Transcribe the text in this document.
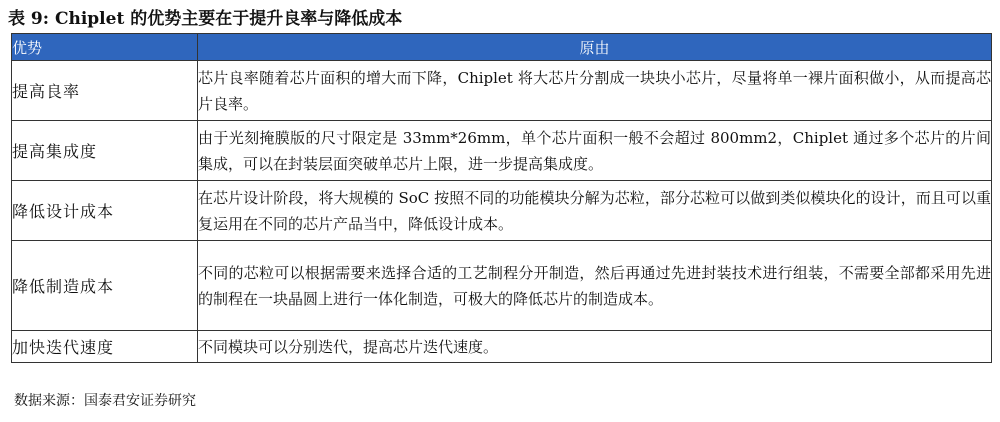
表 9: Chiplet 的优势主要在于提升良率与降低成本
优势	原由
提高良率	芯片良率随着芯片面积的增大而下降，Chiplet 将大芯片分割成一块块小芯片，尽量将单一裸片面积做小，从而提高芯片良率。
提高集成度	由于光刻掩膜版的尺寸限定是 33mm*26mm，单个芯片面积一般不会超过 800mm2，Chiplet 通过多个芯片的片间集成，可以在封装层面突破单芯片上限，进一步提高集成度。
降低设计成本	在芯片设计阶段，将大规模的 SoC 按照不同的功能模块分解为芯粒，部分芯粒可以做到类似模块化的设计，而且可以重复运用在不同的芯片产品当中，降低设计成本。
降低制造成本	不同的芯粒可以根据需要来选择合适的工艺制程分开制造，然后再通过先进封装技术进行组装，不需要全部都采用先进的制程在一块晶圆上进行一体化制造，可极大的降低芯片的制造成本。
加快迭代速度	不同模块可以分别迭代，提高芯片迭代速度。
数据来源：国泰君安证券研究
